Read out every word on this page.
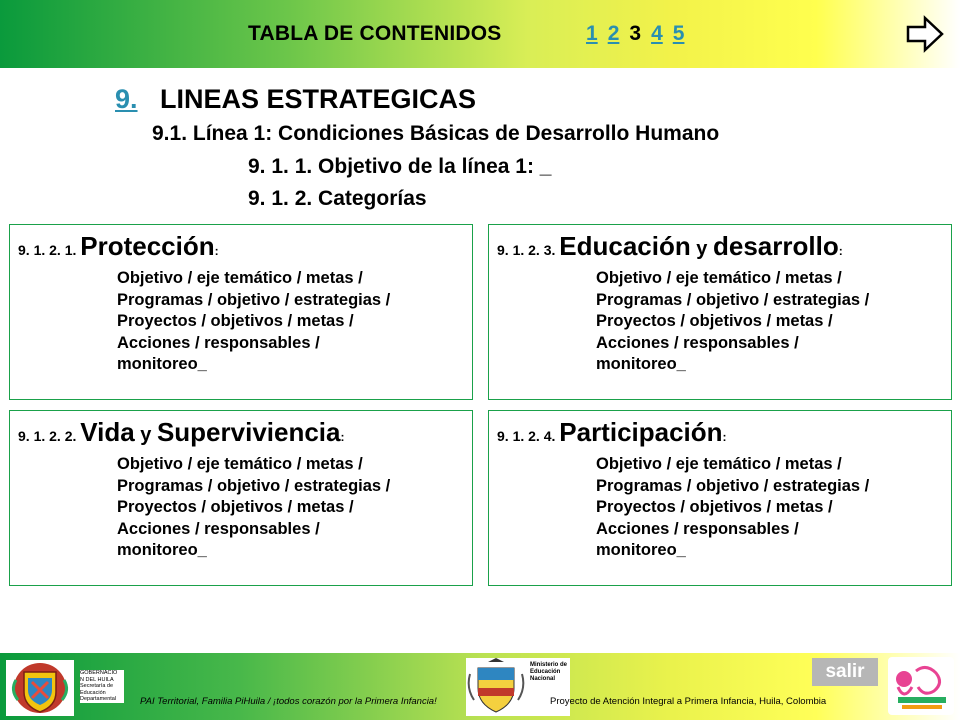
TABLA DE CONTENIDOS	1 2 3 4 5
9. LINEAS ESTRATEGICAS
9.1. Línea 1: Condiciones Básicas de Desarrollo Humano
9. 1. 1. Objetivo de la línea 1: _
9. 1. 2. Categorías
9. 1. 2. 1. Protección:
Objetivo / eje temático / metas /
Programas / objetivo / estrategias /
Proyectos / objetivos / metas /
Acciones / responsables /
monitoreo_
9. 1. 2. 3. Educación y desarrollo:
Objetivo / eje temático / metas /
Programas / objetivo / estrategias /
Proyectos / objetivos / metas /
Acciones / responsables /
monitoreo_
9. 1. 2. 2. Vida y Superviviencia:
Objetivo / eje temático / metas /
Programas / objetivo / estrategias /
Proyectos / objetivos / metas /
Acciones / responsables /
monitoreo_
9. 1. 2. 4. Participación:
Objetivo / eje temático / metas /
Programas / objetivo / estrategias /
Proyectos / objetivos / metas /
Acciones / responsables /
monitoreo_
GOBERNACIO
N DEL HUILA
Secretaría de
Educación
Departamental	PAI Territorial, Familia PiHuila / ¡todos corazón por la Primera Infancia!
Ministerio de
Educación
Nacional
Proyecto de Atención Integral a Primera Infancia, Huila, Colombia
salir
